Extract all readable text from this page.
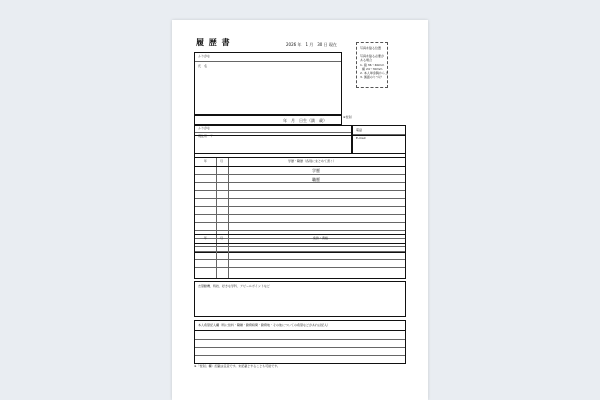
履 歴 書	2026 年　1 月　30 日 現在
写真を貼る位置
写真を貼る必要が
ある場合
1. 縦 36〜40mm
横 24〜30mm
2. 本人単身胸から上
3. 裏面のりづけ
ふりがな
氏　名
年　月　日生（満　歳）
※性別
ふりがな
現住所　〒
電話
E-mail
年	月	学歴・職歴（各別にまとめて書く）
学歴
職歴
年	月	免許・資格
志望動機、特技、好きな学科、アピールポイントなど
本人希望記入欄（特に給料・職種・勤務時間・勤務地・その他についての希望などがあれば記入）
※「性別」欄：記載は任意です。未記載とすることも可能です。
